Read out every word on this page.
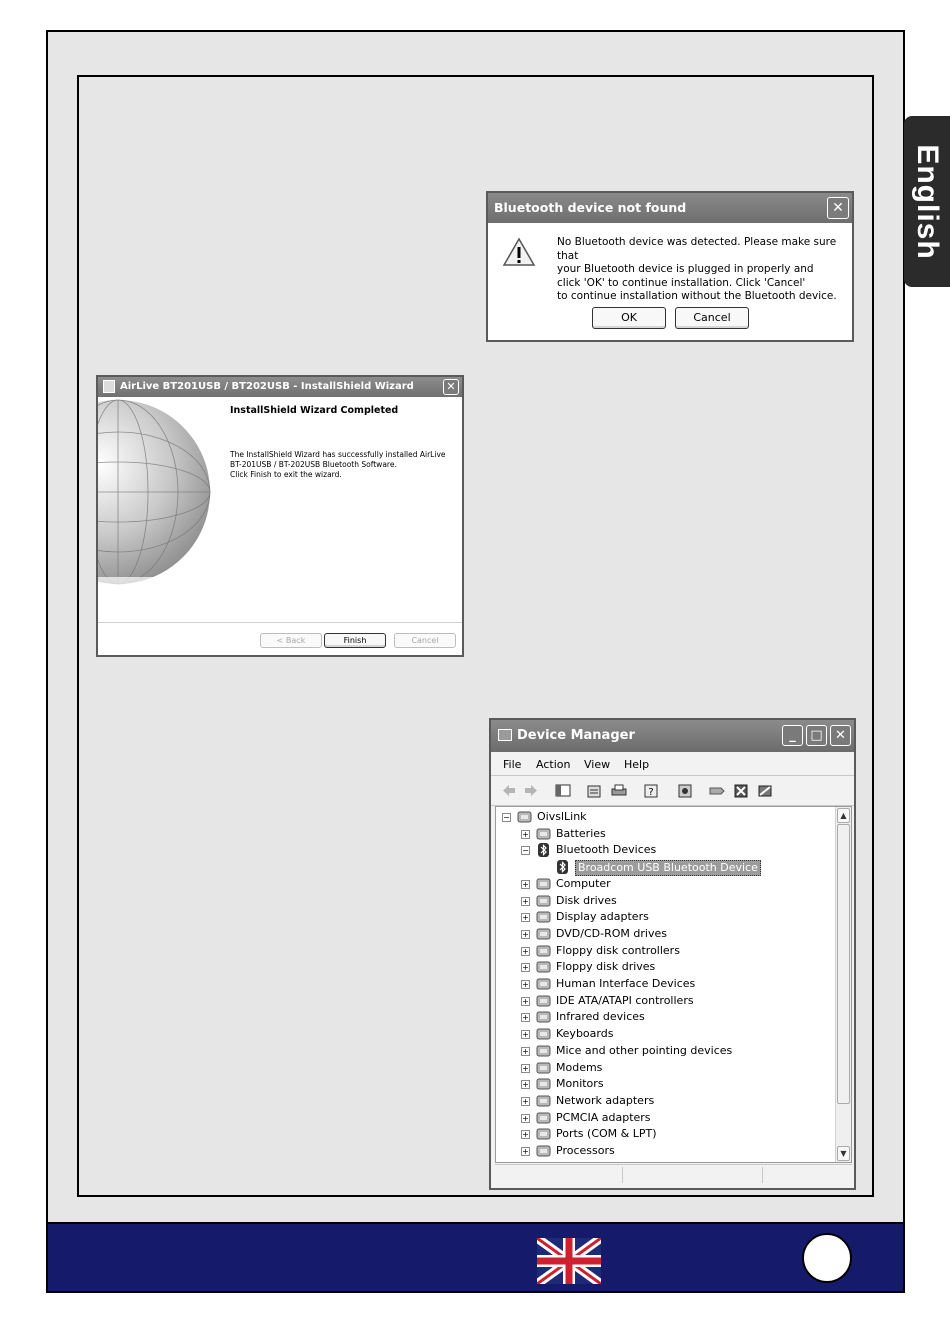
English
Bluetooth device not found	✕
No Bluetooth device was detected. Please make sure that
your Bluetooth device is plugged in properly and
click 'OK' to continue installation. Click 'Cancel'
to continue installation without the Bluetooth device.
OK	Cancel
AirLive BT201USB / BT202USB - InstallShield Wizard	✕
InstallShield Wizard Completed
The InstallShield Wizard has successfully installed AirLive
BT-201USB / BT-202USB Bluetooth Software.
Click Finish to exit the wizard.
< Back	Finish	Cancel
Device Manager	_	□ ✕
File Action View Help
?
− OivslLink
+ Batteries
− Bluetooth Devices
Broadcom USB Bluetooth Device
+ Computer
+ Disk drives
+ Display adapters
+ DVD/CD-ROM drives
+ Floppy disk controllers
+ Floppy disk drives
+ Human Interface Devices
+ IDE ATA/ATAPI controllers
+ Infrared devices
+ Keyboards
+ Mice and other pointing devices
+ Modems
+ Monitors
+ Network adapters
+ PCMCIA adapters
+ Ports (COM & LPT)
+ Processors
▲
▼
